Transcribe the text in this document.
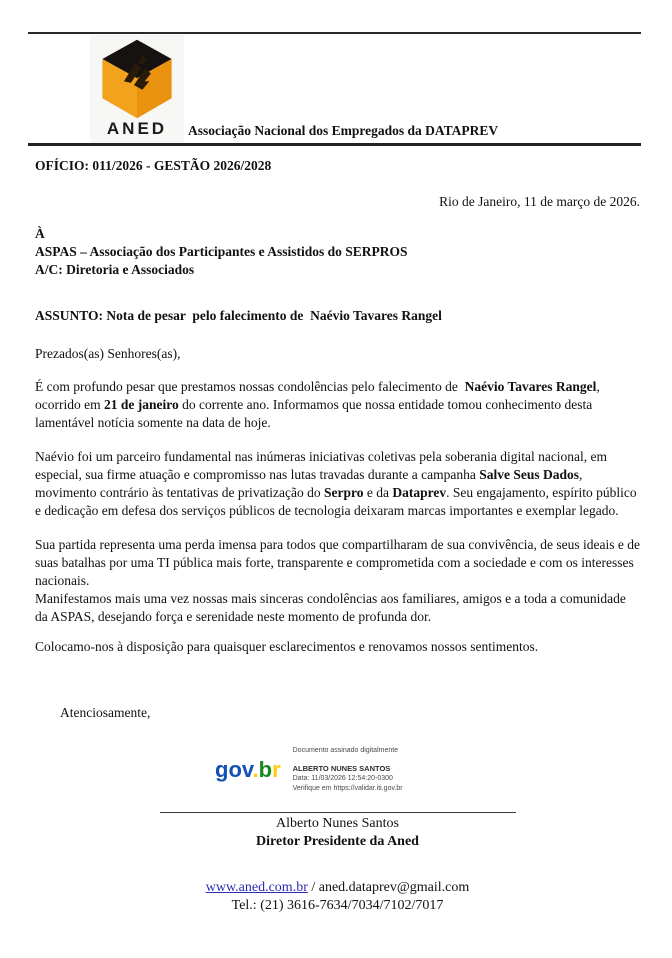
ANED Associação Nacional dos Empregados da DATAPREV
OFÍCIO: 011/2026 - GESTÃO 2026/2028
Rio de Janeiro, 11 de março de 2026.
À
ASPAS – Associação dos Participantes e Assistidos do SERPROS
A/C: Diretoria e Associados
ASSUNTO: Nota de pesar  pelo falecimento de  Naévio Tavares Rangel
Prezados(as) Senhores(as),

É com profundo pesar que prestamos nossas condolências pelo falecimento de  Naévio Tavares Rangel, ocorrido em 21 de janeiro do corrente ano. Informamos que nossa entidade tomou conhecimento desta lamentável notícia somente na data de hoje.

Naévio foi um parceiro fundamental nas inúmeras iniciativas coletivas pela soberania digital nacional, em especial, sua firme atuação e compromisso nas lutas travadas durante a campanha Salve Seus Dados, movimento contrário às tentativas de privatização do Serpro e da Dataprev. Seu engajamento, espírito público e dedicação em defesa dos serviços públicos de tecnologia deixaram marcas importantes e exemplar legado.

Sua partida representa uma perda imensa para todos que compartilharam de sua convivência, de seus ideais e de suas batalhas por uma TI pública mais forte, transparente e comprometida com a sociedade e com os interesses nacionais.

Manifestamos mais uma vez nossas mais sinceras condolências aos familiares, amigos e a toda a comunidade da ASPAS, desejando força e serenidade neste momento de profunda dor.

Colocamo-nos à disposição para quaisquer esclarecimentos e renovamos nossos sentimentos.

Atenciosamente,
gov.br
Documento assinado digitalmente
ALBERTO NUNES SANTOS
Data: 11/03/2026 12:54:20-0300
Verifique em https://validar.iti.gov.br
Alberto Nunes Santos
Diretor Presidente da Aned
www.aned.com.br / aned.dataprev@gmail.com
Tel.: (21) 3616-7634/7034/7102/7017
